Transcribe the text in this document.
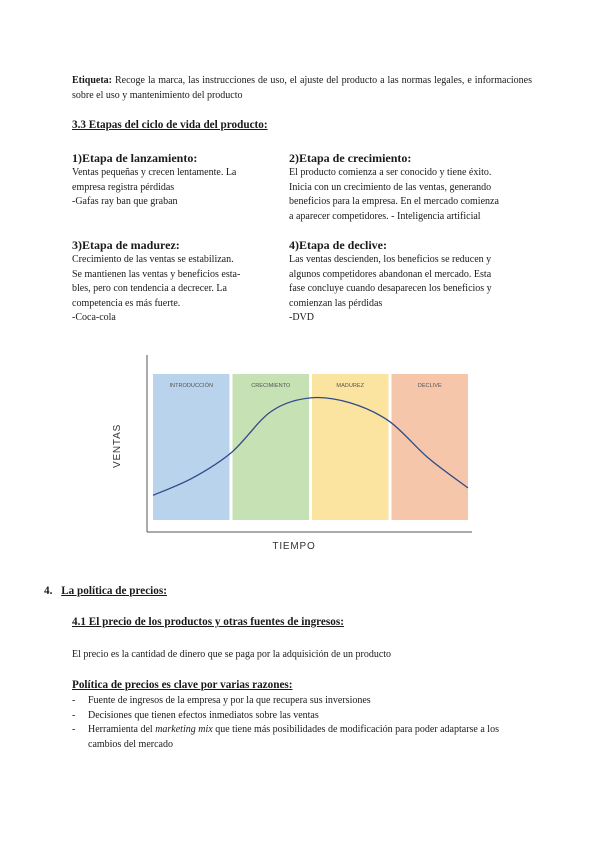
Etiqueta: Recoge la marca, las instrucciones de uso, el ajuste del producto a las normas legales, e informaciones sobre el uso y mantenimiento del producto
3.3 Etapas del ciclo de vida del producto:
1)Etapa de lanzamiento:

Ventas pequeñas y crecen lentamente. La

empresa registra pérdidas

-Gafas ray ban que graban

2)Etapa de crecimiento:

El producto comienza a ser conocido y tiene éxito.

Inicia con un crecimiento de las ventas, generando

beneficios para la empresa. En el mercado comienza

a aparecer competidores. - Inteligencia artificial

3)Etapa de madurez:

Crecimiento de las ventas se estabilizan.

Se mantienen las ventas y beneficios esta-

bles, pero con tendencia a decrecer. La

competencia es más fuerte.

-Coca-cola

4)Etapa de declive:

Las ventas descienden, los beneficios se reducen y

algunos competidores abandonan el mercado. Esta

fase concluye cuando desaparecen los beneficios y

comienzan las pérdidas

-DVD

INTRODUCCIÓN	CRECIMIENTO	MADUREZ	DECLIVE
VENTAS
TIEMPO
4. La política de precios:
4.1 El precio de los productos y otras fuentes de ingresos:
El precio es la cantidad de dinero que se paga por la adquisición de un producto
Política de precios es clave por varias razones:
- Fuente de ingresos de la empresa y por la que recupera sus inversiones
- Decisiones que tienen efectos inmediatos sobre las ventas
- Herramienta del marketing mix que tiene más posibilidades de modificación para poder adaptarse a los cambios del mercado
